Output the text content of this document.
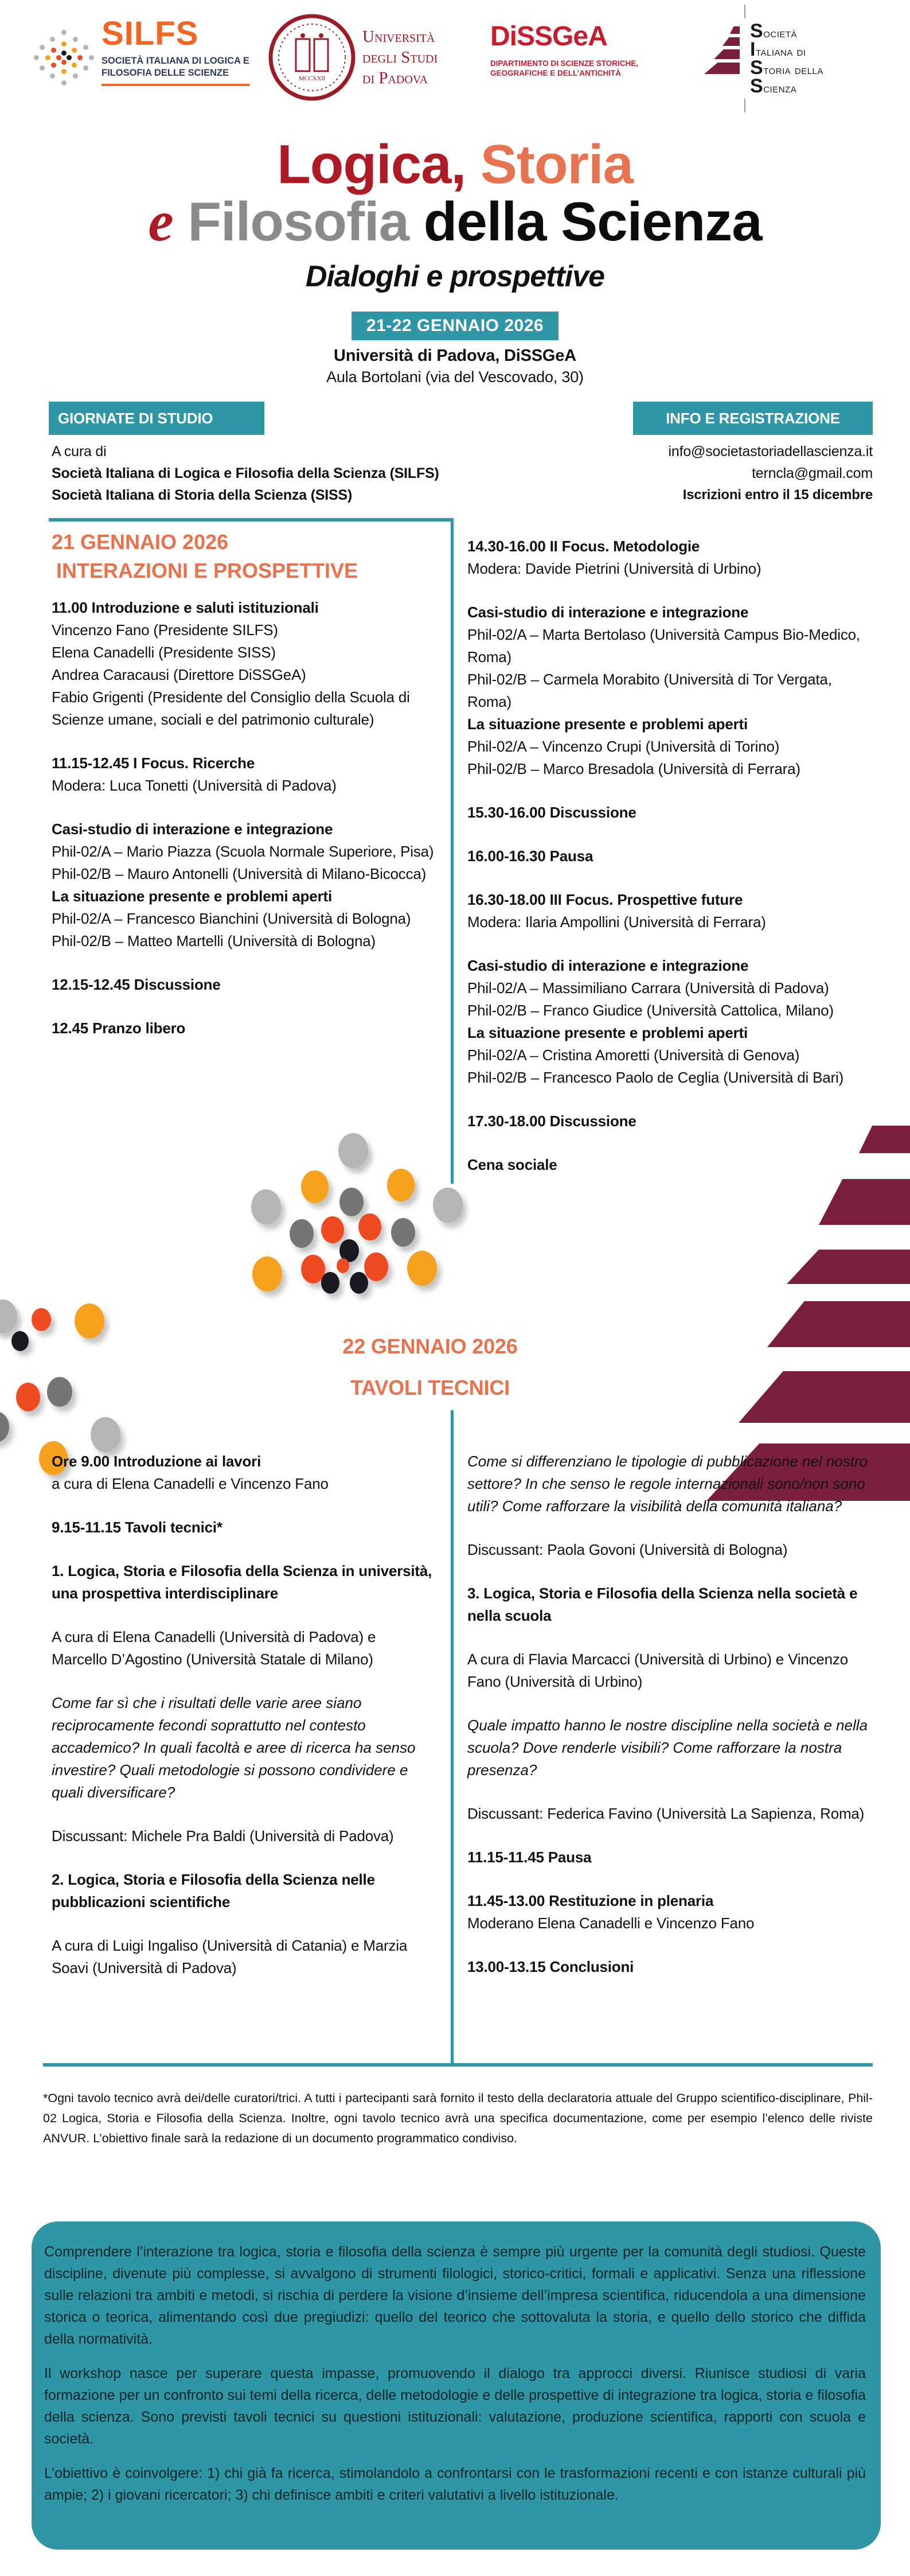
SILFS
SOCIETÀ ITALIANA DI LOGICA E
FILOSOFIA DELLE SCIENZE
MCCXXII
Università
degli Studi
di Padova
DiSSGeA
DIPARTIMENTO DI SCIENZE STORICHE,
GEOGRAFICHE E DELL’ANTICHITÀ
Società
Italiana di
Storia della
Scienza
Logica, Storia
e Filosofia della Scienza
Dialoghi e prospettive
21-22 GENNAIO 2026
Università di Padova, DiSSGeA
Aula Bortolani (via del Vescovado, 30)
GIORNATE DI STUDIO	INFO E REGISTRAZIONE
A cura di
Società Italiana di Logica e Filosofia della Scienza (SILFS)
Società Italiana di Storia della Scienza (SISS)
info@societastoriadellascienza.it
terncla@gmail.com
Iscrizioni entro il 15 dicembre
21 GENNAIO 2026
INTERAZIONI E PROSPETTIVE
11.00 Introduzione e saluti istituzionali
Vincenzo Fano (Presidente SILFS)
Elena Canadelli (Presidente SISS)
Andrea Caracausi (Direttore DiSSGeA)
Fabio Grigenti (Presidente del Consiglio della Scuola di Scienze umane, sociali e del patrimonio culturale)
11.15-12.45 I Focus. Ricerche
Modera: Luca Tonetti (Università di Padova)
Casi-studio di interazione e integrazione
Phil-02/A – Mario Piazza (Scuola Normale Superiore, Pisa)
Phil-02/B – Mauro Antonelli (Università di Milano-Bicocca)
La situazione presente e problemi aperti
Phil-02/A – Francesco Bianchini (Università di Bologna)
Phil-02/B – Matteo Martelli (Università di Bologna)
12.15-12.45 Discussione
12.45 Pranzo libero
14.30-16.00 II Focus. Metodologie
Modera: Davide Pietrini (Università di Urbino)
Casi-studio di interazione e integrazione
Phil-02/A – Marta Bertolaso (Università Campus Bio-Medico, Roma)
Phil-02/B – Carmela Morabito (Università di Tor Vergata, Roma)
La situazione presente e problemi aperti
Phil-02/A – Vincenzo Crupi (Università di Torino)
Phil-02/B – Marco Bresadola (Università di Ferrara)
15.30-16.00 Discussione
16.00-16.30 Pausa
16.30-18.00 III Focus. Prospettive future
Modera: Ilaria Ampollini (Università di Ferrara)
Casi-studio di interazione e integrazione
Phil-02/A – Massimiliano Carrara (Università di Padova)
Phil-02/B – Franco Giudice (Università Cattolica, Milano)
La situazione presente e problemi aperti
Phil-02/A – Cristina Amoretti (Università di Genova)
Phil-02/B – Francesco Paolo de Ceglia (Università di Bari)
17.30-18.00 Discussione
Cena sociale
22 GENNAIO 2026
TAVOLI TECNICI
Ore 9.00 Introduzione ai lavori
a cura di Elena Canadelli e Vincenzo Fano
9.15-11.15 Tavoli tecnici*
1. Logica, Storia e Filosofia della Scienza in università, una prospettiva interdisciplinare
A cura di Elena Canadelli (Università di Padova) e Marcello D’Agostino (Università Statale di Milano)
Come far sì che i risultati delle varie aree siano reciprocamente fecondi soprattutto nel contesto accademico? In quali facoltà e aree di ricerca ha senso investire? Quali metodologie si possono condividere e quali diversificare?
Discussant: Michele Pra Baldi (Università di Padova)
2. Logica, Storia e Filosofia della Scienza nelle pubblicazioni scientifiche
A cura di Luigi Ingaliso (Università di Catania) e Marzia Soavi (Università di Padova)
Come si differenziano le tipologie di pubblicazione nel nostro settore? In che senso le regole internazionali sono/non sono utili? Come rafforzare la visibilità della comunità italiana?
Discussant: Paola Govoni (Università di Bologna)
3. Logica, Storia e Filosofia della Scienza nella società e nella scuola
A cura di Flavia Marcacci (Università di Urbino) e Vincenzo Fano (Università di Urbino)
Quale impatto hanno le nostre discipline nella società e nella scuola? Dove renderle visibili? Come rafforzare la nostra presenza?
Discussant: Federica Favino (Università La Sapienza, Roma)
11.15-11.45 Pausa
11.45-13.00 Restituzione in plenaria
Moderano Elena Canadelli e Vincenzo Fano
13.00-13.15 Conclusioni
*Ogni tavolo tecnico avrà dei/delle curatori/trici. A tutti i partecipanti sarà fornito il testo della declaratoria attuale del Gruppo scientifico-disciplinare, Phil-02 Logica, Storia e Filosofia della Scienza. Inoltre, ogni tavolo tecnico avrà una specifica documentazione, come per esempio l’elenco delle riviste ANVUR. L’obiettivo finale sarà la redazione di un documento programmatico condiviso.

Comprendere l’interazione tra logica, storia e filosofia della scienza è sempre più urgente per la comunità degli studiosi. Queste discipline, divenute più complesse, si avvalgono di strumenti filologici, storico-critici, formali e applicativi. Senza una riflessione sulle relazioni tra ambiti e metodi, si rischia di perdere la visione d’insieme dell’impresa scientifica, riducendola a una dimensione storica o teorica, alimentando così due pregiudizi: quello del teorico che sottovaluta la storia, e quello dello storico che diffida della normatività.

Il workshop nasce per superare questa impasse, promuovendo il dialogo tra approcci diversi. Riunisce studiosi di varia formazione per un confronto sui temi della ricerca, delle metodologie e delle prospettive di integrazione tra logica, storia e filosofia della scienza. Sono previsti tavoli tecnici su questioni istituzionali: valutazione, produzione scientifica, rapporti con scuola e società.

L’obiettivo è coinvolgere: 1) chi già fa ricerca, stimolandolo a confrontarsi con le trasformazioni recenti e con istanze culturali più ampie; 2) i giovani ricercatori; 3) chi definisce ambiti e criteri valutativi a livello istituzionale.
